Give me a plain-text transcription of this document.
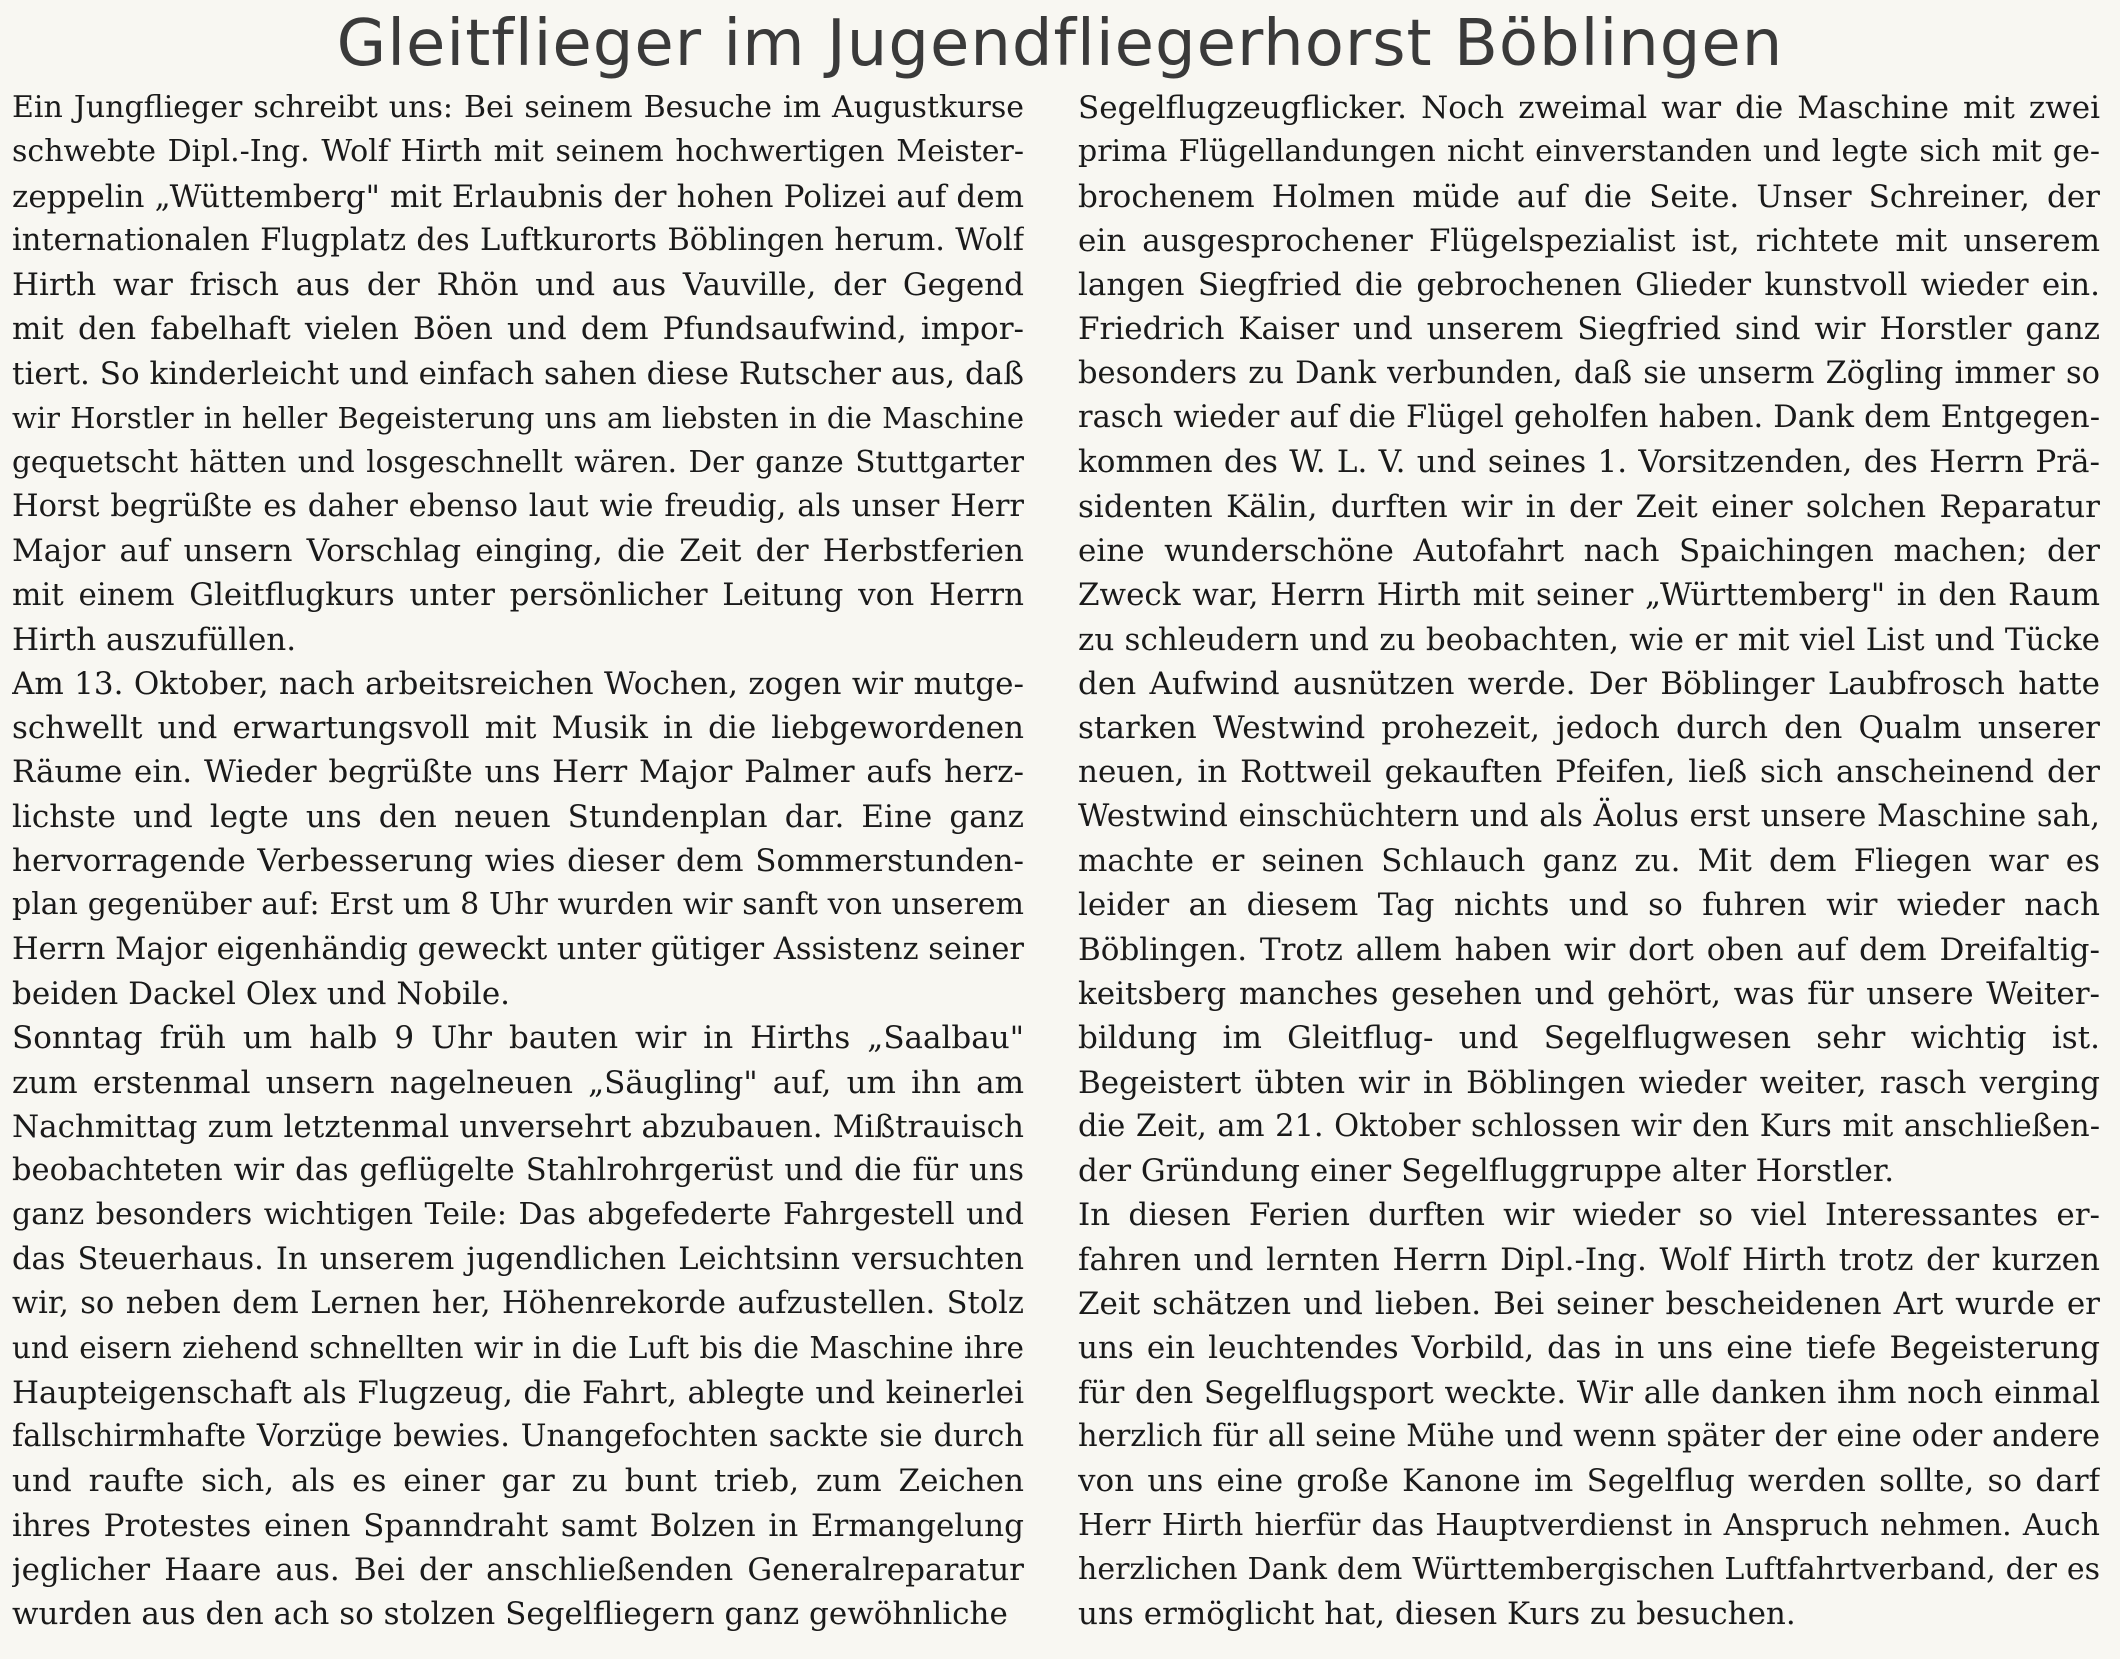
Gleitflieger im Jugendfliegerhorst Böblingen
Ein Jungflieger schreibt uns: Bei seinem Besuche im Augustkurse
schwebte Dipl.-Ing. Wolf Hirth mit seinem hochwertigen Meister-
zeppelin „Wüttemberg" mit Erlaubnis der hohen Polizei auf dem
internationalen Flugplatz des Luftkurorts Böblingen herum. Wolf
Hirth war frisch aus der Rhön und aus Vauville, der Gegend
mit den fabelhaft vielen Böen und dem Pfundsaufwind, impor-
tiert. So kinderleicht und einfach sahen diese Rutscher aus, daß
wir Horstler in heller Begeisterung uns am liebsten in die Maschine
gequetscht hätten und losgeschnellt wären. Der ganze Stuttgarter
Horst begrüßte es daher ebenso laut wie freudig, als unser Herr
Major auf unsern Vorschlag einging, die Zeit der Herbstferien
mit einem Gleitflugkurs unter persönlicher Leitung von Herrn
Hirth auszufüllen.
Am 13. Oktober, nach arbeitsreichen Wochen, zogen wir mutge-
schwellt und erwartungsvoll mit Musik in die liebgewordenen
Räume ein. Wieder begrüßte uns Herr Major Palmer aufs herz-
lichste und legte uns den neuen Stundenplan dar. Eine ganz
hervorragende Verbesserung wies dieser dem Sommerstunden-
plan gegenüber auf: Erst um 8 Uhr wurden wir sanft von unserem
Herrn Major eigenhändig geweckt unter gütiger Assistenz seiner
beiden Dackel Olex und Nobile.
Sonntag früh um halb 9 Uhr bauten wir in Hirths „Saalbau"
zum erstenmal unsern nagelneuen „Säugling" auf, um ihn am
Nachmittag zum letztenmal unversehrt abzubauen. Mißtrauisch
beobachteten wir das geflügelte Stahlrohrgerüst und die für uns
ganz besonders wichtigen Teile: Das abgefederte Fahrgestell und
das Steuerhaus. In unserem jugendlichen Leichtsinn versuchten
wir, so neben dem Lernen her, Höhenrekorde aufzustellen. Stolz
und eisern ziehend schnellten wir in die Luft bis die Maschine ihre
Haupteigenschaft als Flugzeug, die Fahrt, ablegte und keinerlei
fallschirmhafte Vorzüge bewies. Unangefochten sackte sie durch
und raufte sich, als es einer gar zu bunt trieb, zum Zeichen
ihres Protestes einen Spanndraht samt Bolzen in Ermangelung
jeglicher Haare aus. Bei der anschließenden Generalreparatur
wurden aus den ach so stolzen Segelfliegern ganz gewöhnliche
Segelflugzeugflicker. Noch zweimal war die Maschine mit zwei
prima Flügellandungen nicht einverstanden und legte sich mit ge-
brochenem Holmen müde auf die Seite. Unser Schreiner, der
ein ausgesprochener Flügelspezialist ist, richtete mit unserem
langen Siegfried die gebrochenen Glieder kunstvoll wieder ein.
Friedrich Kaiser und unserem Siegfried sind wir Horstler ganz
besonders zu Dank verbunden, daß sie unserm Zögling immer so
rasch wieder auf die Flügel geholfen haben. Dank dem Entgegen-
kommen des W. L. V. und seines 1. Vorsitzenden, des Herrn Prä-
sidenten Kälin, durften wir in der Zeit einer solchen Reparatur
eine wunderschöne Autofahrt nach Spaichingen machen; der
Zweck war, Herrn Hirth mit seiner „Württemberg" in den Raum
zu schleudern und zu beobachten, wie er mit viel List und Tücke
den Aufwind ausnützen werde. Der Böblinger Laubfrosch hatte
starken Westwind prohezeit, jedoch durch den Qualm unserer
neuen, in Rottweil gekauften Pfeifen, ließ sich anscheinend der
Westwind einschüchtern und als Äolus erst unsere Maschine sah,
machte er seinen Schlauch ganz zu. Mit dem Fliegen war es
leider an diesem Tag nichts und so fuhren wir wieder nach
Böblingen. Trotz allem haben wir dort oben auf dem Dreifaltig-
keitsberg manches gesehen und gehört, was für unsere Weiter-
bildung im Gleitflug- und Segelflugwesen sehr wichtig ist.
Begeistert übten wir in Böblingen wieder weiter, rasch verging
die Zeit, am 21. Oktober schlossen wir den Kurs mit anschließen-
der Gründung einer Segelfluggruppe alter Horstler.
In diesen Ferien durften wir wieder so viel Interessantes er-
fahren und lernten Herrn Dipl.-Ing. Wolf Hirth trotz der kurzen
Zeit schätzen und lieben. Bei seiner bescheidenen Art wurde er
uns ein leuchtendes Vorbild, das in uns eine tiefe Begeisterung
für den Segelflugsport weckte. Wir alle danken ihm noch einmal
herzlich für all seine Mühe und wenn später der eine oder andere
von uns eine große Kanone im Segelflug werden sollte, so darf
Herr Hirth hierfür das Hauptverdienst in Anspruch nehmen. Auch
herzlichen Dank dem Württembergischen Luftfahrtverband, der es
uns ermöglicht hat, diesen Kurs zu besuchen.
